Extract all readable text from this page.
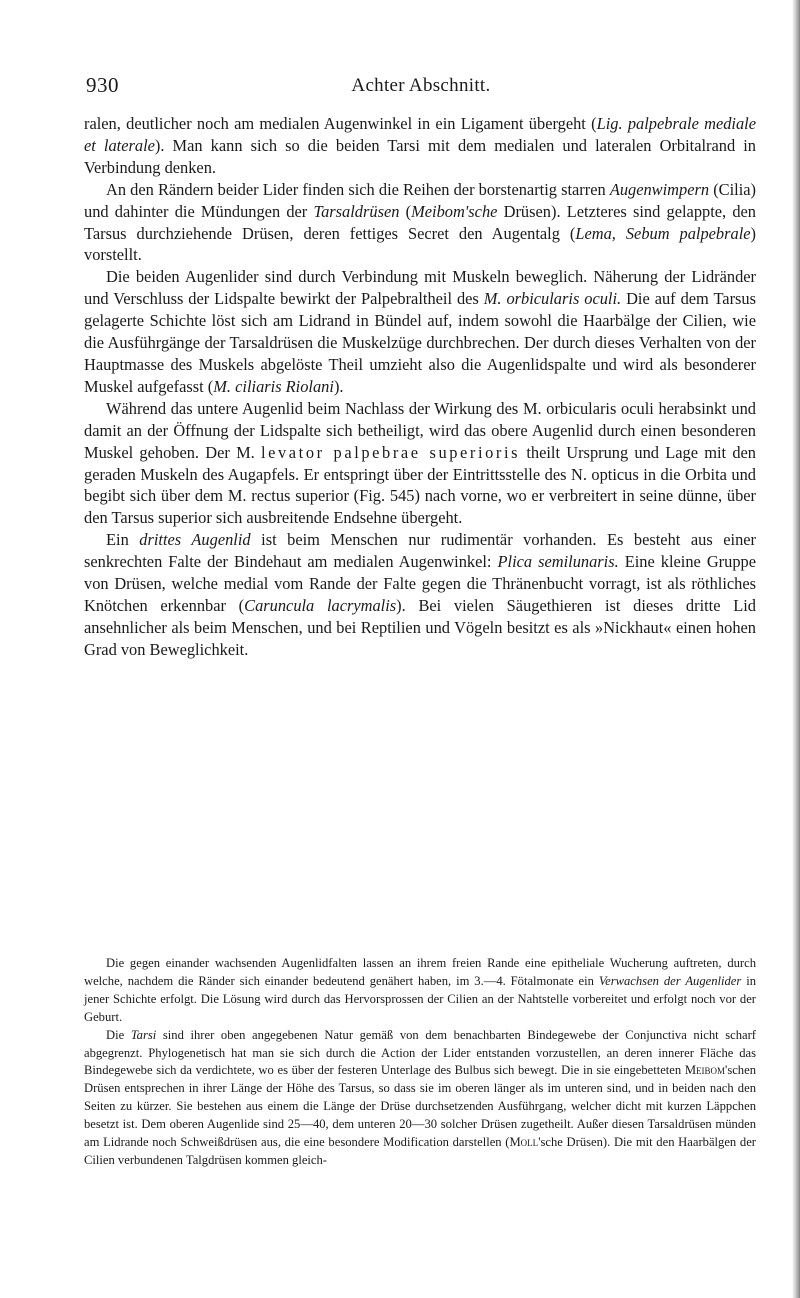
930	Achter Abschnitt.

ralen, deutlicher noch am medialen Augenwinkel in ein Ligament übergeht (Lig. palpebrale mediale et laterale). Man kann sich so die beiden Tarsi mit dem medialen und lateralen Orbitalrand in Verbindung denken.

An den Rändern beider Lider finden sich die Reihen der borstenartig starren Augenwimpern (Cilia) und dahinter die Mündungen der Tarsaldrüsen (Meibom'sche Drüsen). Letzteres sind gelappte, den Tarsus durchziehende Drüsen, deren fettiges Secret den Augentalg (Lema, Sebum palpebrale) vorstellt.

Die beiden Augenlider sind durch Verbindung mit Muskeln beweglich. Näherung der Lidränder und Verschluss der Lidspalte bewirkt der Palpebraltheil des M. orbicularis oculi. Die auf dem Tarsus gelagerte Schichte löst sich am Lidrand in Bündel auf, indem sowohl die Haarbälge der Cilien, wie die Ausführgänge der Tarsaldrüsen die Muskelzüge durchbrechen. Der durch dieses Verhalten von der Hauptmasse des Muskels abgelöste Theil umzieht also die Augenlidspalte und wird als besonderer Muskel aufgefasst (M. ciliaris Riolani).

Während das untere Augenlid beim Nachlass der Wirkung des M. orbicularis oculi herabsinkt und damit an der Öffnung der Lidspalte sich betheiligt, wird das obere Augenlid durch einen besonderen Muskel gehoben. Der M. levator palpebrae superioris theilt Ursprung und Lage mit den geraden Muskeln des Augapfels. Er entspringt über der Eintrittsstelle des N. opticus in die Orbita und begibt sich über dem M. rectus superior (Fig. 545) nach vorne, wo er verbreitert in seine dünne, über den Tarsus superior sich ausbreitende Endsehne übergeht.

Ein drittes Augenlid ist beim Menschen nur rudimentär vorhanden. Es besteht aus einer senkrechten Falte der Bindehaut am medialen Augenwinkel: Plica semilunaris. Eine kleine Gruppe von Drüsen, welche medial vom Rande der Falte gegen die Thränenbucht vorragt, ist als röthliches Knötchen erkennbar (Caruncula lacrymalis). Bei vielen Säugethieren ist dieses dritte Lid ansehnlicher als beim Menschen, und bei Reptilien und Vögeln besitzt es als »Nickhaut« einen hohen Grad von Beweglichkeit.

Die gegen einander wachsenden Augenlidfalten lassen an ihrem freien Rande eine epitheliale Wucherung auftreten, durch welche, nachdem die Ränder sich einander bedeutend genähert haben, im 3.—4. Fötalmonate ein Verwachsen der Augenlider in jener Schichte erfolgt. Die Lösung wird durch das Hervorsprossen der Cilien an der Nahtstelle vorbereitet und erfolgt noch vor der Geburt.

Die Tarsi sind ihrer oben angegebenen Natur gemäß von dem benachbarten Bindegewebe der Conjunctiva nicht scharf abgegrenzt. Phylogenetisch hat man sie sich durch die Action der Lider entstanden vorzustellen, an deren innerer Fläche das Bindegewebe sich da verdichtete, wo es über der festeren Unterlage des Bulbus sich bewegt. Die in sie eingebetteten Meibom'schen Drüsen entsprechen in ihrer Länge der Höhe des Tarsus, so dass sie im oberen länger als im unteren sind, und in beiden nach den Seiten zu kürzer. Sie bestehen aus einem die Länge der Drüse durchsetzenden Ausführgang, welcher dicht mit kurzen Läppchen besetzt ist. Dem oberen Augenlide sind 25—40, dem unteren 20—30 solcher Drüsen zugetheilt. Außer diesen Tarsaldrüsen münden am Lidrande noch Schweißdrüsen aus, die eine besondere Modification darstellen (Moll'sche Drüsen). Die mit den Haarbälgen der Cilien verbundenen Talgdrüsen kommen gleich-
